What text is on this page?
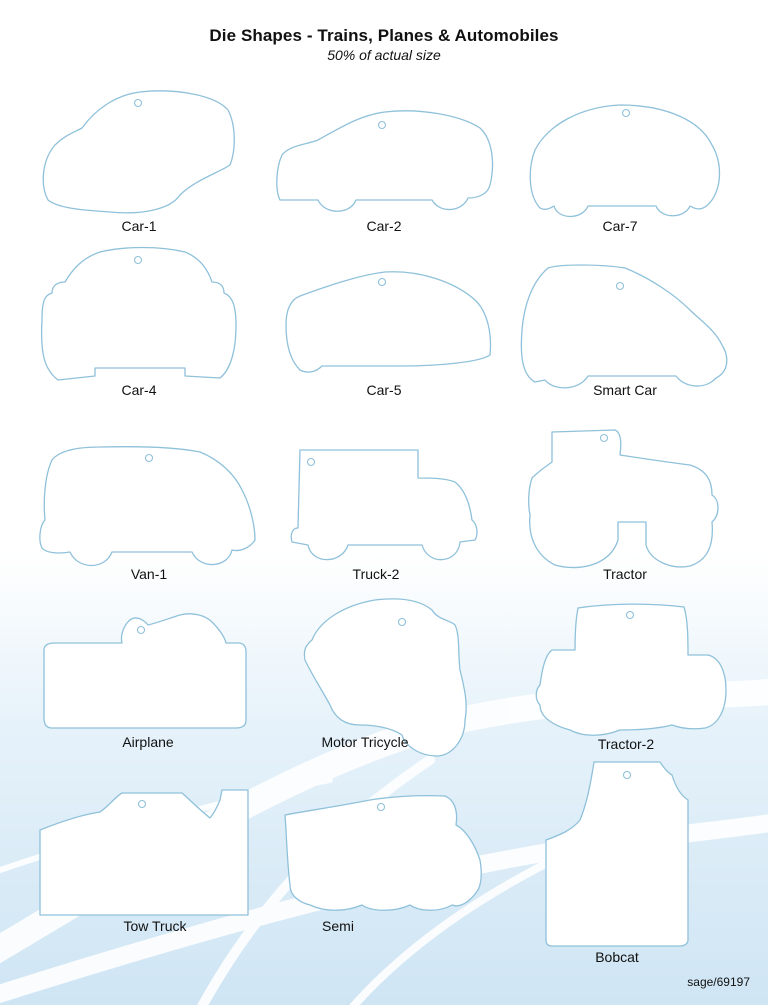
Die Shapes - Trains, Planes & Automobiles
50% of actual size
Car-1	Car-2	Car-7
Car-4	Car-5	Smart Car
Van-1	Truck-2	Tractor
Airplane	Motor Tricycle	Tractor-2
Tow Truck	Semi
Bobcat
sage/69197
